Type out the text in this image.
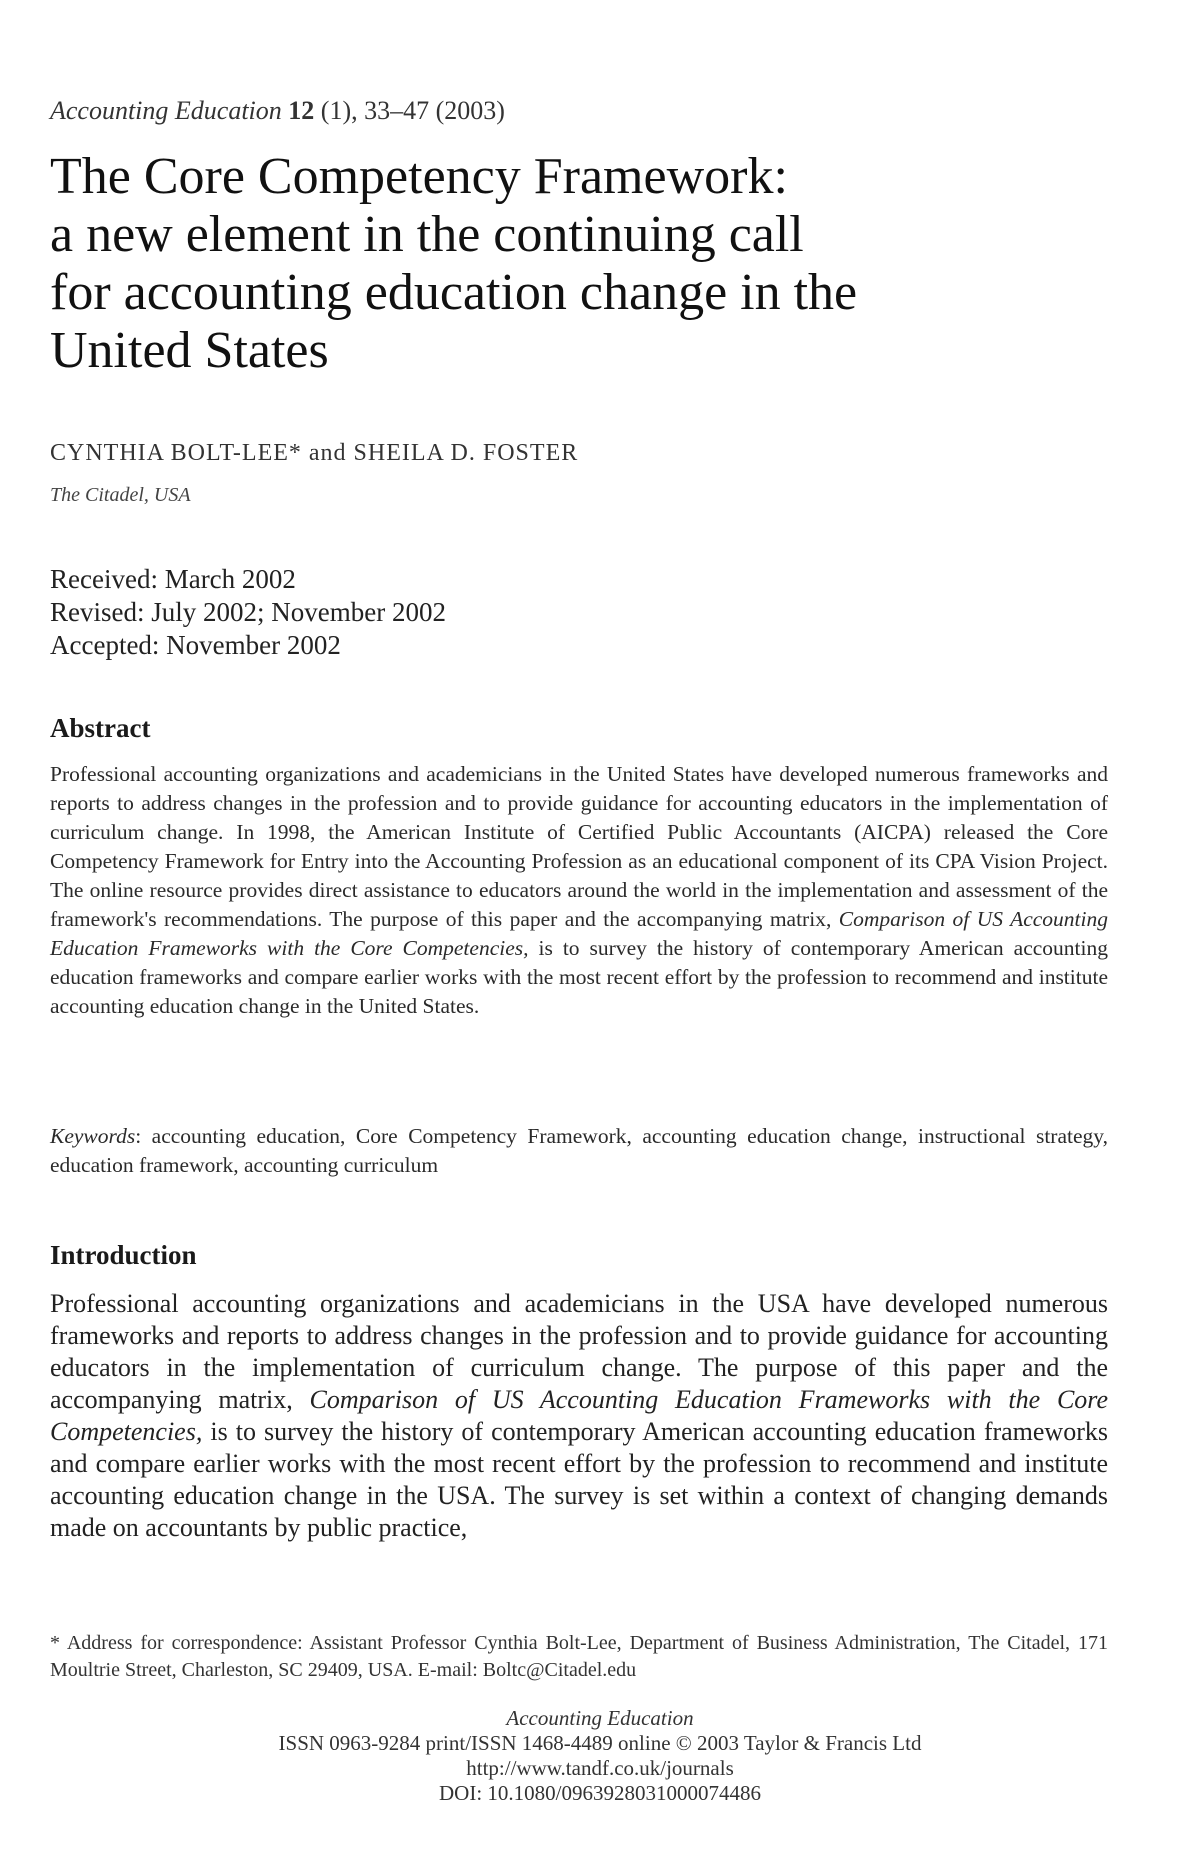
Accounting Education 12 (1), 33–47 (2003)
The Core Competency Framework:
a new element in the continuing call
for accounting education change in the
United States
CYNTHIA BOLT-LEE* and SHEILA D. FOSTER
The Citadel, USA
Received: March 2002
Revised: July 2002; November 2002
Accepted: November 2002
Abstract
Professional accounting organizations and academicians in the United States have developed numerous frameworks and reports to address changes in the profession and to provide guidance for accounting educators in the implementation of curriculum change. In 1998, the American Institute of Certified Public Accountants (AICPA) released the Core Competency Framework for Entry into the Accounting Profession as an educational component of its CPA Vision Project. The online resource provides direct assistance to educators around the world in the implementation and assessment of the framework's recommendations. The purpose of this paper and the accompanying matrix, Comparison of US Accounting Education Frameworks with the Core Competencies, is to survey the history of contemporary American accounting education frameworks and compare earlier works with the most recent effort by the profession to recommend and institute accounting education change in the United States.
Keywords: accounting education, Core Competency Framework, accounting education change, instructional strategy, education framework, accounting curriculum
Introduction
Professional accounting organizations and academicians in the USA have developed numerous frameworks and reports to address changes in the profession and to provide guidance for accounting educators in the implementation of curriculum change. The purpose of this paper and the accompanying matrix, Comparison of US Accounting Education Frameworks with the Core Competencies, is to survey the history of contemporary American accounting education frameworks and compare earlier works with the most recent effort by the profession to recommend and institute accounting education change in the USA. The survey is set within a context of changing demands made on accountants by public practice,
* Address for correspondence: Assistant Professor Cynthia Bolt-Lee, Department of Business Administration, The Citadel, 171 Moultrie Street, Charleston, SC 29409, USA. E-mail: Boltc@Citadel.edu
Accounting Education
ISSN 0963-9284 print/ISSN 1468-4489 online © 2003 Taylor & Francis Ltd
http://www.tandf.co.uk/journals
DOI: 10.1080/0963928031000074486
